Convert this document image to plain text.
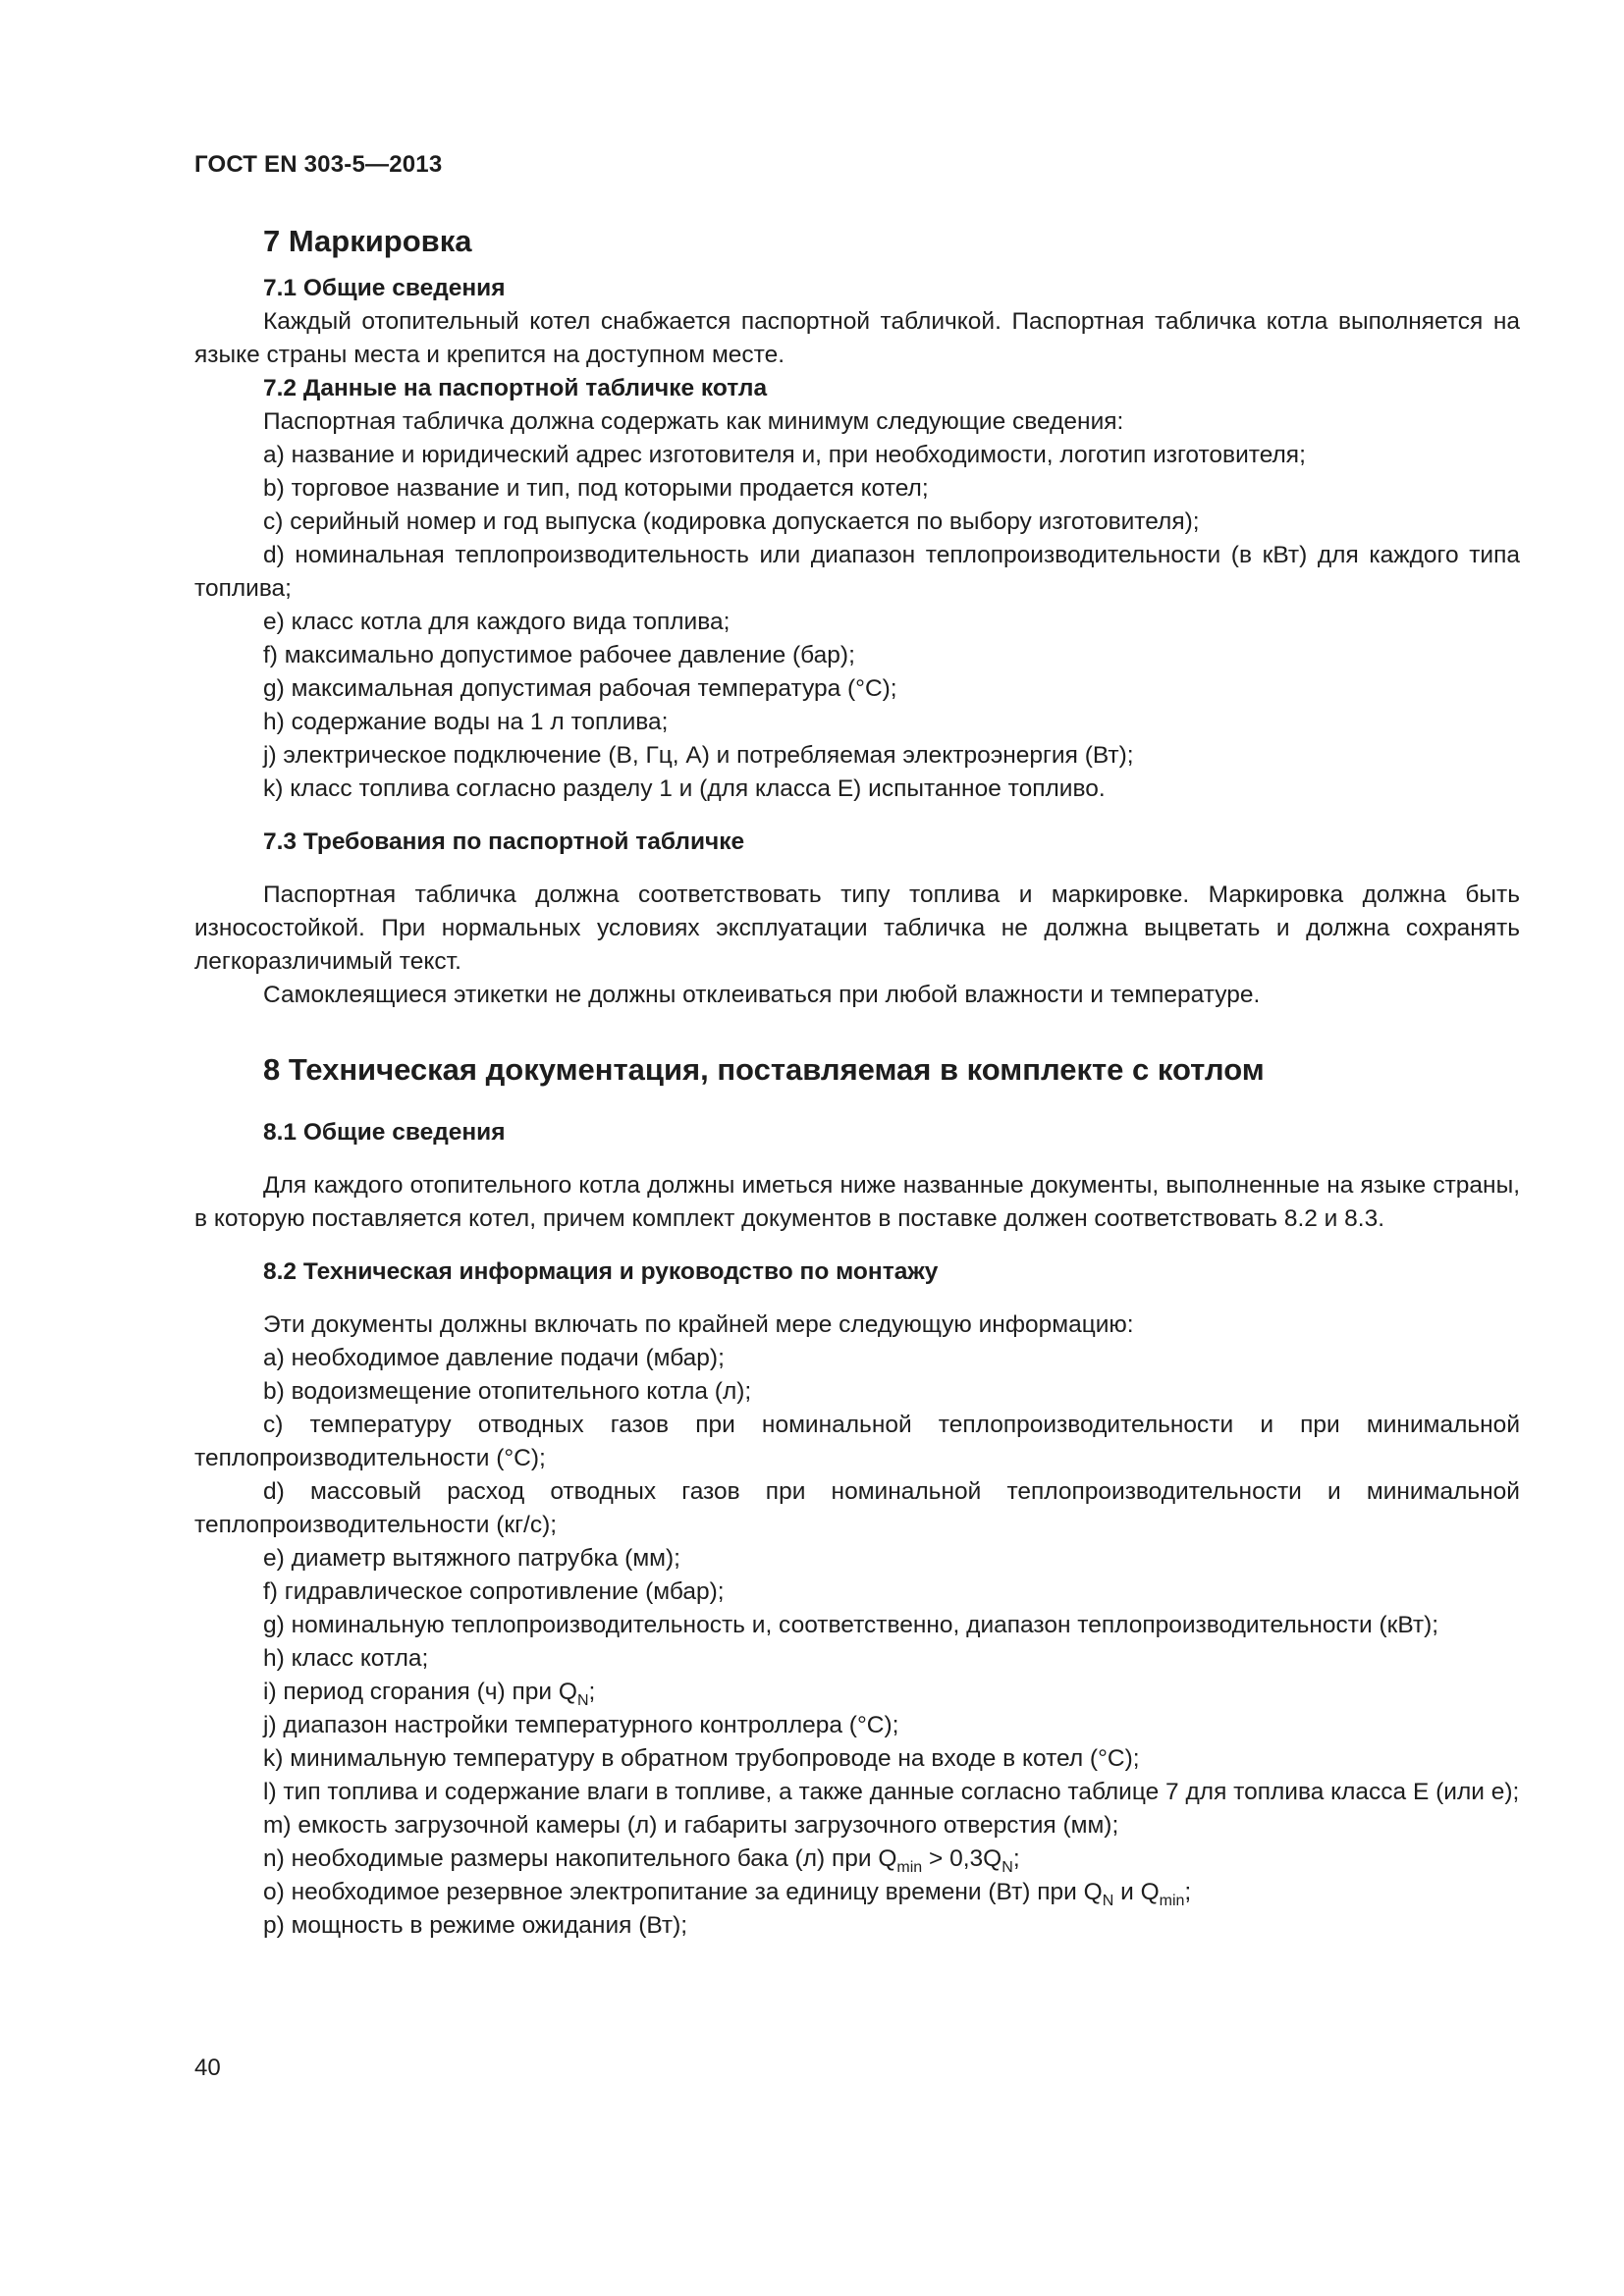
ГОСТ EN 303-5—2013
7 Маркировка
7.1 Общие сведения

Каждый отопительный котел снабжается паспортной табличкой. Паспортная табличка котла выполняется на языке страны места и крепится на доступном месте.

7.2 Данные на паспортной табличке котла

Паспортная табличка должна содержать как минимум следующие сведения:

а) название и юридический адрес изготовителя и, при необходимости, логотип изготовителя;

b) торговое название и тип, под которыми продается котел;

c) серийный номер и год выпуска (кодировка допускается по выбору изготовителя);

d) номинальная теплопроизводительность или диапазон теплопроизводительности (в кВт) для каждого типа топлива;

e) класс котла для каждого вида топлива;

f) максимально допустимое рабочее давление (бар);

g) максимальная допустимая рабочая температура (°С);

h) содержание воды на 1 л топлива;

j) электрическое подключение (В, Гц, А) и потребляемая электроэнергия (Вт);

k) класс топлива согласно разделу 1 и (для класса Е) испытанное топливо.

7.3 Требования по паспортной табличке

Паспортная табличка должна соответствовать типу топлива и маркировке. Маркировка должна быть износостойкой. При нормальных условиях эксплуатации табличка не должна выцветать и должна сохранять легкоразличимый текст.

Самоклеящиеся этикетки не должны отклеиваться при любой влажности и температуре.

8 Техническая документация, поставляемая в комплекте с котлом
8.1 Общие сведения

Для каждого отопительного котла должны иметься ниже названные документы, выполненные на языке страны, в которую поставляется котел, причем комплект документов в поставке должен соответствовать 8.2 и 8.3.

8.2 Техническая информация и руководство по монтажу

Эти документы должны включать по крайней мере следующую информацию:

а) необходимое давление подачи (мбар);

b) водоизмещение отопительного котла (л);

c) температуру отводных газов при номинальной теплопроизводительности и при минимальной теплопроизводительности (°С);

d) массовый расход отводных газов при номинальной теплопроизводительности и минимальной теплопроизводительности (кг/с);

e) диаметр вытяжного патрубка (мм);

f) гидравлическое сопротивление (мбар);

g) номинальную теплопроизводительность и, соответственно, диапазон теплопроизводительности (кВт);

h) класс котла;

i) период сгорания (ч) при $Q_N$;

j) диапазон настройки температурного контроллера (°С);

k) минимальную температуру в обратном трубопроводе на входе в котел (°С);

l) тип топлива и содержание влаги в топливе, а также данные согласно таблице 7 для топлива класса Е (или е);

m) емкость загрузочной камеры (л) и габариты загрузочного отверстия (мм);

n) необходимые размеры накопительного бака (л) при $Q_{min} > 0,3Q_N$;

o) необходимое резервное электропитание за единицу времени (Вт) при $Q_N$ и $Q_{min}$;

p) мощность в режиме ожидания (Вт);

40
